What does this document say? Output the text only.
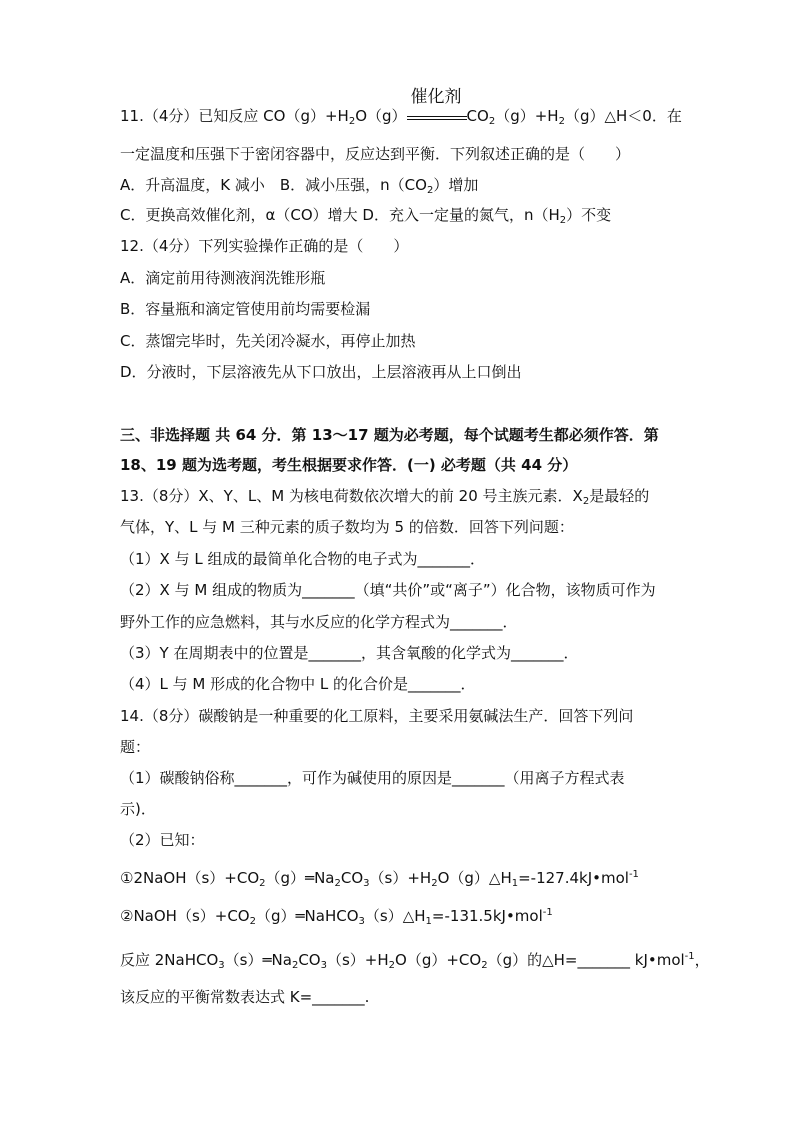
11.（4分）已知反应 $CO(g)+H_2O(g)$
催化剂
$CO_2(g)+H_2(g)\triangle H<0$．在
一定温度和压强下于密闭容器中，反应达到平衡．下列叙述正确的是（　　）
A．升高温度，K 减小　B．减小压强，$n(CO_2)$增加
C．更换高效催化剂，α（CO）增大 D．充入一定量的氮气，$n(H_2)$不变
12.（4分）下列实验操作正确的是（　　）
A．滴定前用待测液润洗锥形瓶
B．容量瓶和滴定管使用前均需要检漏
C．蒸馏完毕时，先关闭冷凝水，再停止加热
D．分液时，下层溶液先从下口放出，上层溶液再从上口倒出
三、非选择题 共 64 分．第 13～17 题为必考题，每个试题考生都必须作答．第
18、19 题为选考题，考生根据要求作答．(一) 必考题（共 44 分）
13.（8分）X、Y、L、M 为核电荷数依次增大的前 20 号主族元素．$X_2$是最轻的
气体，Y、L 与 M 三种元素的质子数均为 5 的倍数．回答下列问题：
（1）X 与 L 组成的最简单化合物的电子式为_______．
（2）X 与 M 组成的物质为_______（填“共价”或“离子”）化合物，该物质可作为
野外工作的应急燃料，其与水反应的化学方程式为_______．
（3）Y 在周期表中的位置是_______，其含氧酸的化学式为_______．
（4）L 与 M 形成的化合物中 L 的化合价是_______．
14.（8分）碳酸钠是一种重要的化工原料，主要采用氨碱法生产．回答下列问
题：
（1）碳酸钠俗称_______，可作为碱使用的原因是_______（用离子方程式表
示)．
（2）已知：
$①2NaOH(s)+CO_2(g)═Na_2CO_3(s)+H_2O(g)\triangle H_1=-127.4kJ•mol^{-1}$
$②NaOH(s)+CO_2(g)═NaHCO_3(s)\triangle H_1=-131.5kJ•mol^{-1}$
反应 $2NaHCO_3(s)═Na_2CO_3(s)+H_2O(g)+CO_2(g)$的△H=_______ kJ•mol$^{-1}$，
该反应的平衡常数表达式 K=_______.
